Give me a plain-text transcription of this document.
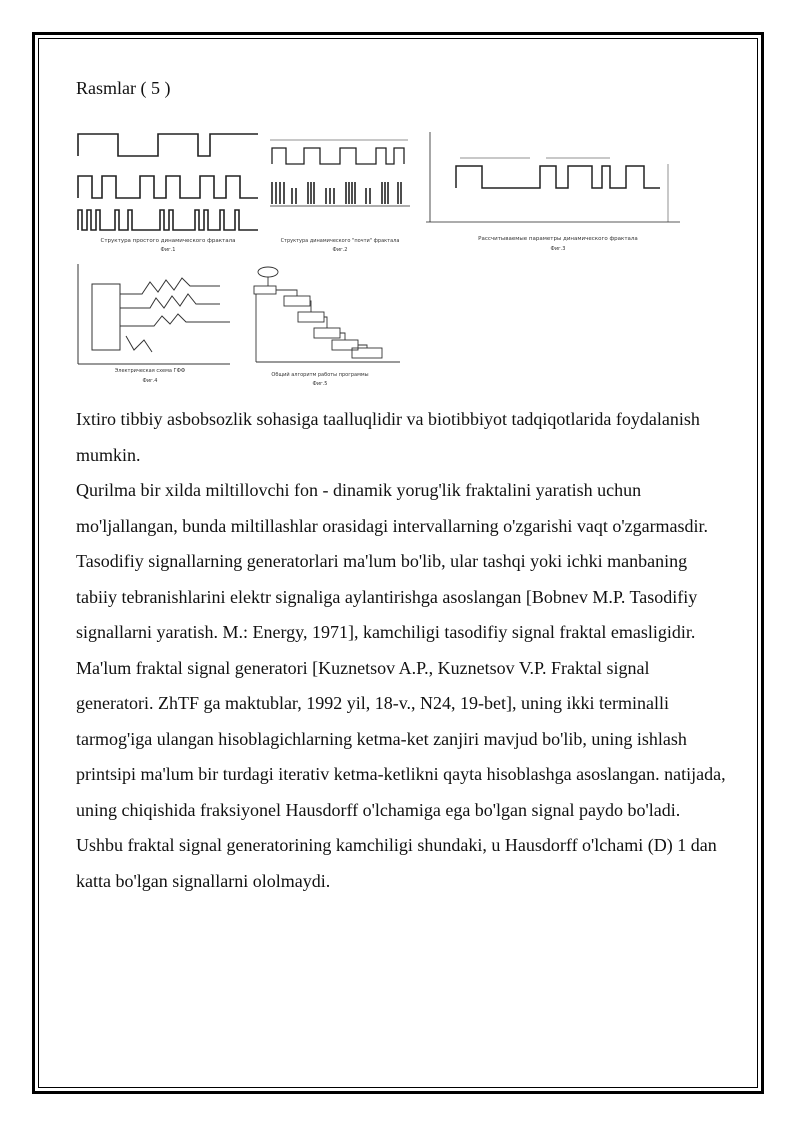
Rasmlar ( 5 )
Структура простого динамического фрактала
Фиг.1
Структура динамического "почти" фрактала
Фиг.2
Рассчитываемые параметры динамического фрактала
Фиг.3
Электрическая схема ГФФ
Фиг.4
Общий алгоритм работы программы
Фиг.5

Ixtiro tibbiy asbobsozlik sohasiga taalluqlidir va biotibbiyot tadqiqotlarida foydalanish mumkin.

Qurilma bir xilda miltillovchi fon - dinamik yorug'lik fraktalini yaratish uchun mo'ljallangan, bunda miltillashlar orasidagi intervallarning o'zgarishi vaqt o'zgarmasdir.

Tasodifiy signallarning generatorlari ma'lum bo'lib, ular tashqi yoki ichki manbaning tabiiy tebranishlarini elektr signaliga aylantirishga asoslangan [Bobnev M.P. Tasodifiy signallarni yaratish. M.: Energy, 1971], kamchiligi tasodifiy signal fraktal emasligidir.

Ma'lum fraktal signal generatori [Kuznetsov A.P., Kuznetsov V.P. Fraktal signal generatori. ZhTF ga maktublar, 1992 yil, 18-v., N24, 19-bet], uning ikki terminalli tarmog'iga ulangan hisoblagichlarning ketma-ket zanjiri mavjud bo'lib, uning ishlash printsipi ma'lum bir turdagi iterativ ketma-ketlikni qayta hisoblashga asoslangan. natijada, uning chiqishida fraksiyonel Hausdorff o'lchamiga ega bo'lgan signal paydo bo'ladi. Ushbu fraktal signal generatorining kamchiligi shundaki, u Hausdorff o'lchami (D) 1 dan katta bo'lgan signallarni ololmaydi.
